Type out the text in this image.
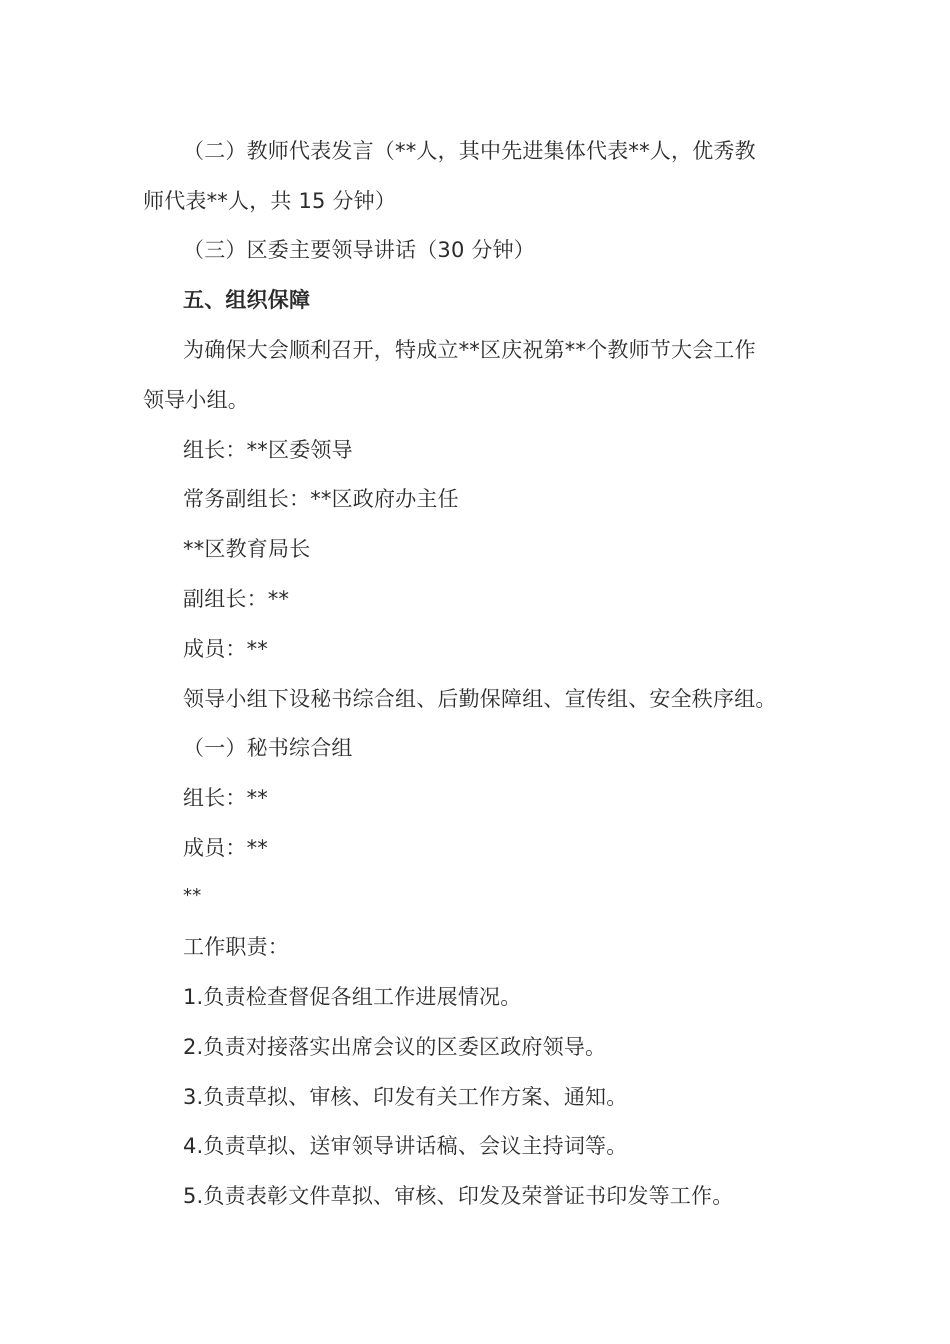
（二）教师代表发言（**人，其中先进集体代表**人，优秀教
师代表**人，共 15 分钟）
（三）区委主要领导讲话（30 分钟）
五、组织保障
为确保大会顺利召开，特成立**区庆祝第**个教师节大会工作
领导小组。
组长：**区委领导
常务副组长：**区政府办主任
**区教育局长
副组长：**
成员：**
领导小组下设秘书综合组、后勤保障组、宣传组、安全秩序组。
（一）秘书综合组
组长：**
成员：**
**
工作职责：
1.负责检查督促各组工作进展情况。
2.负责对接落实出席会议的区委区政府领导。
3.负责草拟、审核、印发有关工作方案、通知。
4.负责草拟、送审领导讲话稿、会议主持词等。
5.负责表彰文件草拟、审核、印发及荣誉证书印发等工作。
